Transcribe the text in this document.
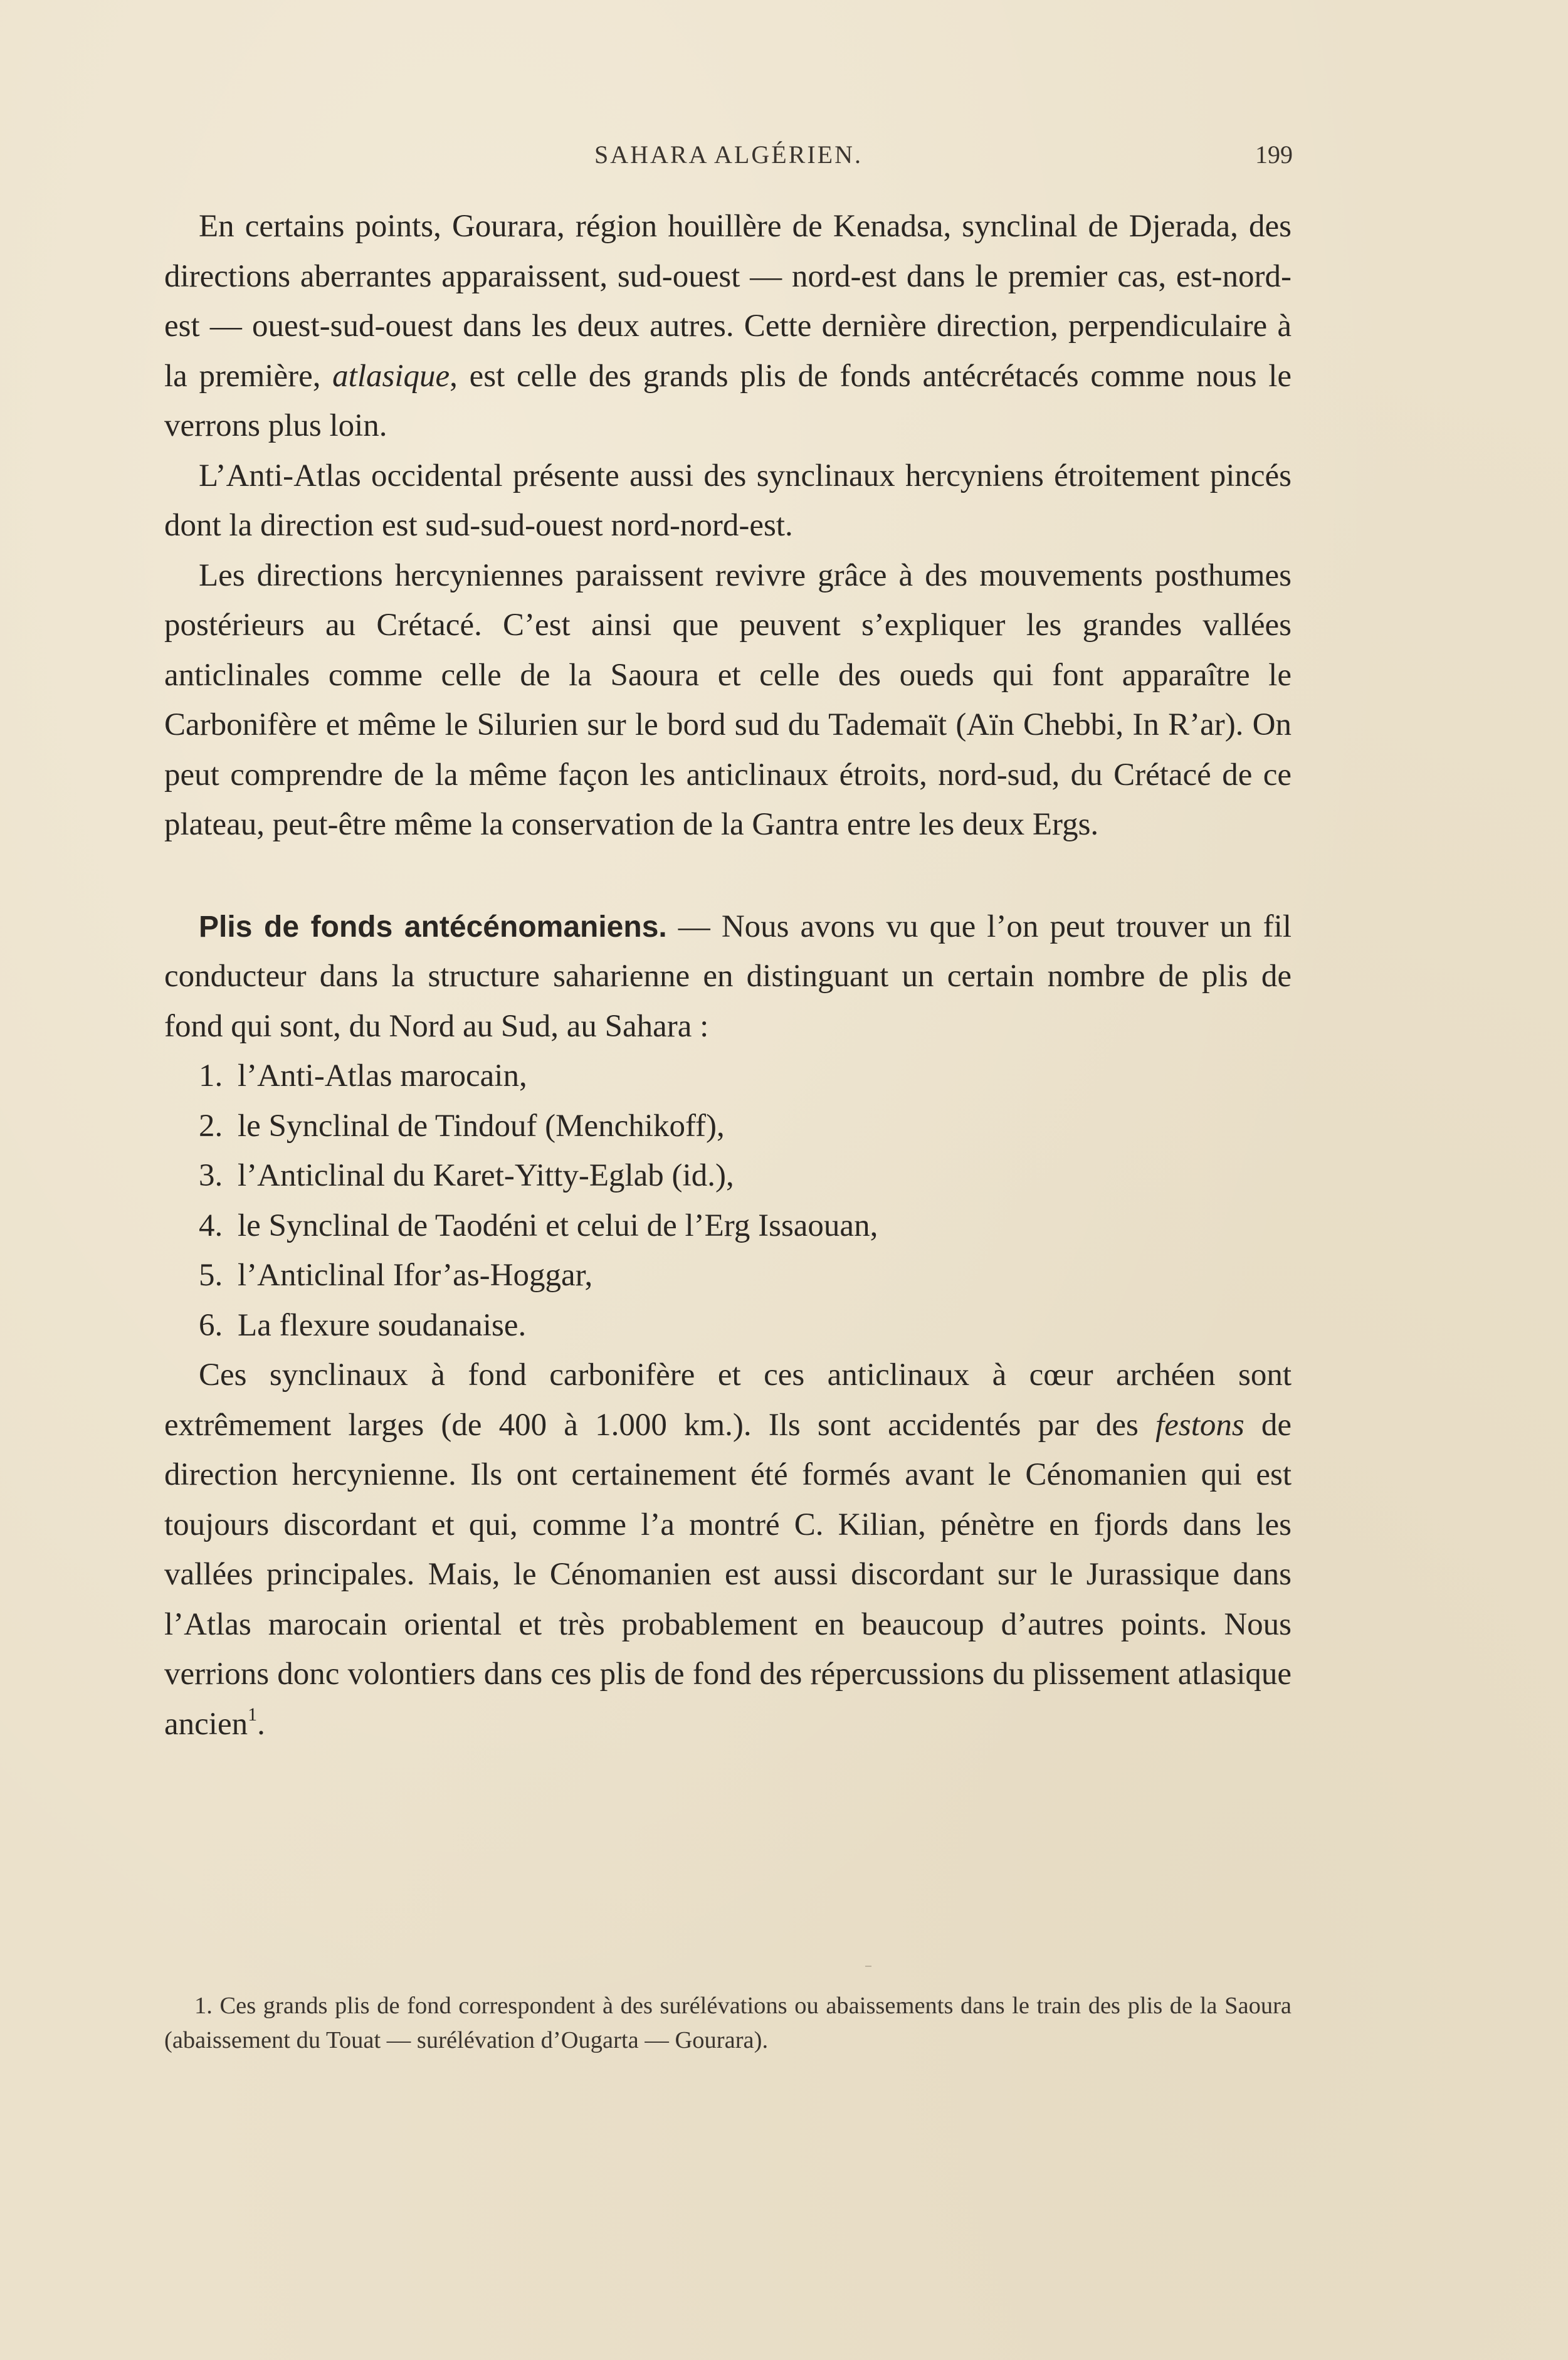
SAHARA ALGÉRIEN.	199

En certains points, Gourara, région houillère de Kenadsa, synclinal de Djerada, des directions aberrantes apparaissent, sud-ouest — nord-est dans le premier cas, est-nord-est — ouest-sud-ouest dans les deux autres. Cette dernière direction, perpendiculaire à la première, atlasique, est celle des grands plis de fonds antécrétacés comme nous le verrons plus loin.

L’Anti-Atlas occidental présente aussi des synclinaux hercyniens étroitement pincés dont la direction est sud-sud-ouest nord-nord-est.

Les directions hercyniennes paraissent revivre grâce à des mouvements posthumes postérieurs au Crétacé. C’est ainsi que peuvent s’expliquer les grandes vallées anticlinales comme celle de la Saoura et celle des oueds qui font apparaître le Carbonifère et même le Silurien sur le bord sud du Tademaït (Aïn Chebbi, In R’ar). On peut comprendre de la même façon les anticlinaux étroits, nord-sud, du Crétacé de ce plateau, peut-être même la conservation de la Gantra entre les deux Ergs.

Plis de fonds antécénomaniens. — Nous avons vu que l’on peut trouver un fil conducteur dans la structure saharienne en distinguant un certain nombre de plis de fond qui sont, du Nord au Sud, au Sahara :

1. l’Anti-Atlas marocain,
2. le Synclinal de Tindouf (Menchikoff),
3. l’Anticlinal du Karet-Yitty-Eglab (id.),
4. le Synclinal de Taodéni et celui de l’Erg Issaouan,
5. l’Anticlinal Ifor’as-Hoggar,
6. La flexure soudanaise.

Ces synclinaux à fond carbonifère et ces anticlinaux à cœur archéen sont extrêmement larges (de 400 à 1.000 km.). Ils sont accidentés par des festons de direction hercynienne. Ils ont certainement été formés avant le Cénomanien qui est toujours discordant et qui, comme l’a montré C. Kilian, pénètre en fjords dans les vallées principales. Mais, le Cénomanien est aussi discordant sur le Jurassique dans l’Atlas marocain oriental et très probablement en beaucoup d’autres points. Nous verrions donc volontiers dans ces plis de fond des répercussions du plissement atlasique ancien$^1$.

1. Ces grands plis de fond correspondent à des surélévations ou abaissements dans le train des plis de la Saoura (abaissement du Touat — surélévation d’Ougarta — Gourara).
